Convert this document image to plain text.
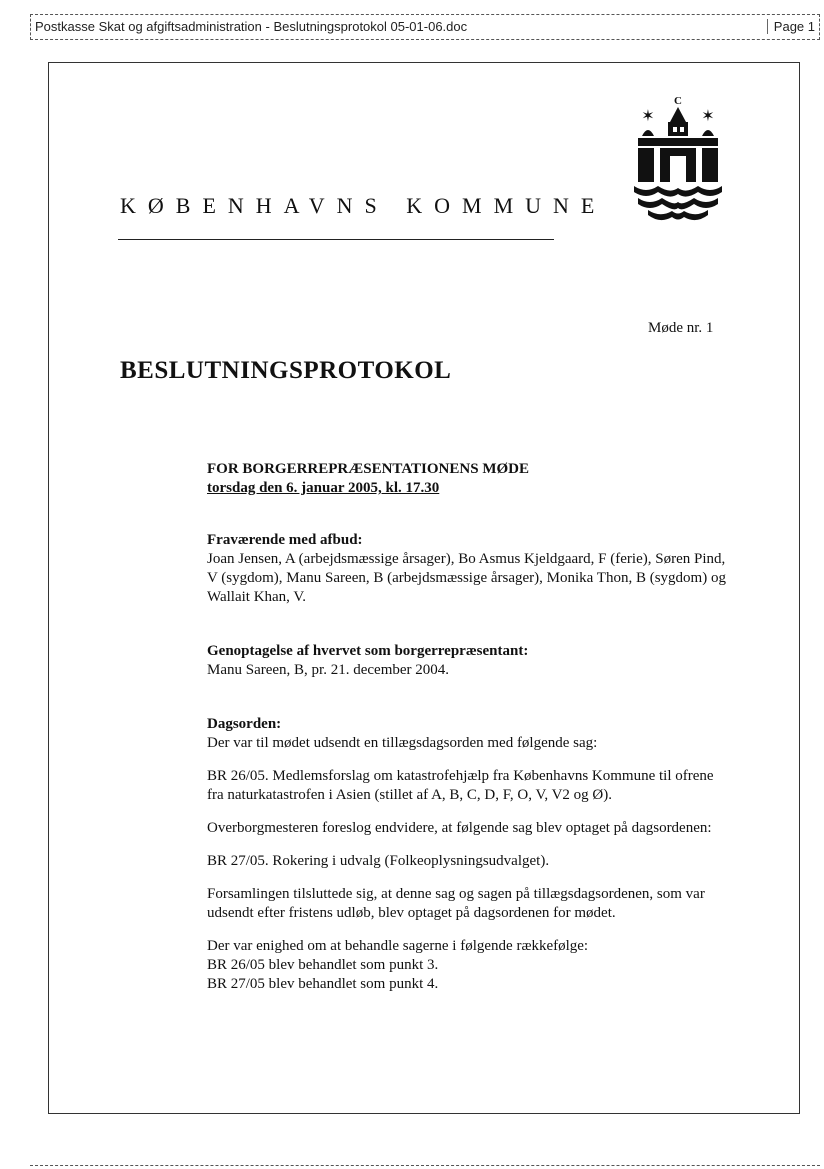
Postkasse Skat og afgiftsadministration - Beslutningsprotokol 05-01-06.doc	Page 1
KØBENHAVNS KOMMUNE
C
✶	✶
Møde nr. 1
BESLUTNINGSPROTOKOL

FOR BORGERREPRÆSENTATIONENS MØDE

torsdag den 6. januar 2005, kl. 17.30

Fraværende med afbud:

Joan Jensen, A (arbejdsmæssige årsager), Bo Asmus Kjeldgaard, F (ferie), Søren Pind, V (sygdom), Manu Sareen, B (arbejdsmæssige årsager), Monika Thon, B (sygdom) og Wallait Khan, V.

Genoptagelse af hvervet som borgerrepræsentant:

Manu Sareen, B, pr. 21. december 2004.

Dagsorden:

Der var til mødet udsendt en tillægsdagsorden med følgende sag:

BR 26/05. Medlemsforslag om katastrofehjælp fra Københavns Kommune til ofrene fra naturkatastrofen i Asien (stillet af A, B, C, D, F, O, V, V2 og Ø).

Overborgmesteren foreslog endvidere, at følgende sag blev optaget på dagsordenen:

BR 27/05. Rokering i udvalg (Folkeoplysningsudvalget).

Forsamlingen tilsluttede sig, at denne sag og sagen på tillægsdagsordenen, som var udsendt efter fristens udløb, blev optaget på dagsordenen for mødet.

Der var enighed om at behandle sagerne i følgende rækkefølge:

BR 26/05 blev behandlet som punkt 3.

BR 27/05 blev behandlet som punkt 4.
